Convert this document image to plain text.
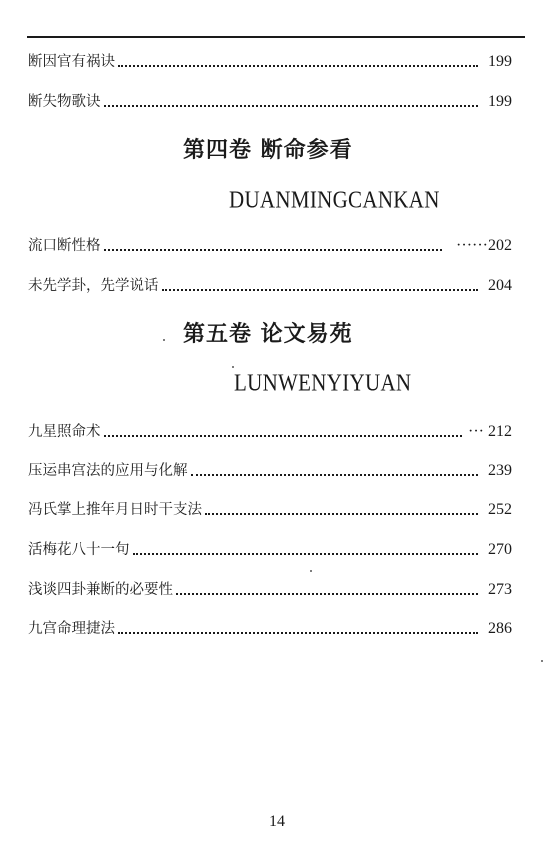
断因官有祸诀	199
断失物歌诀	199
第四卷 断命参看
DUANMINGCANKAN
流口断性格	······202
未先学卦，先学说话	204
第五卷 论文易苑
LUNWENYIYUAN
九星照命术	··· 212
压运串宫法的应用与化解	239
冯氏掌上推年月日时干支法	252
活梅花八十一句	270
浅谈四卦兼断的必要性	273
九宫命理捷法	286
14
